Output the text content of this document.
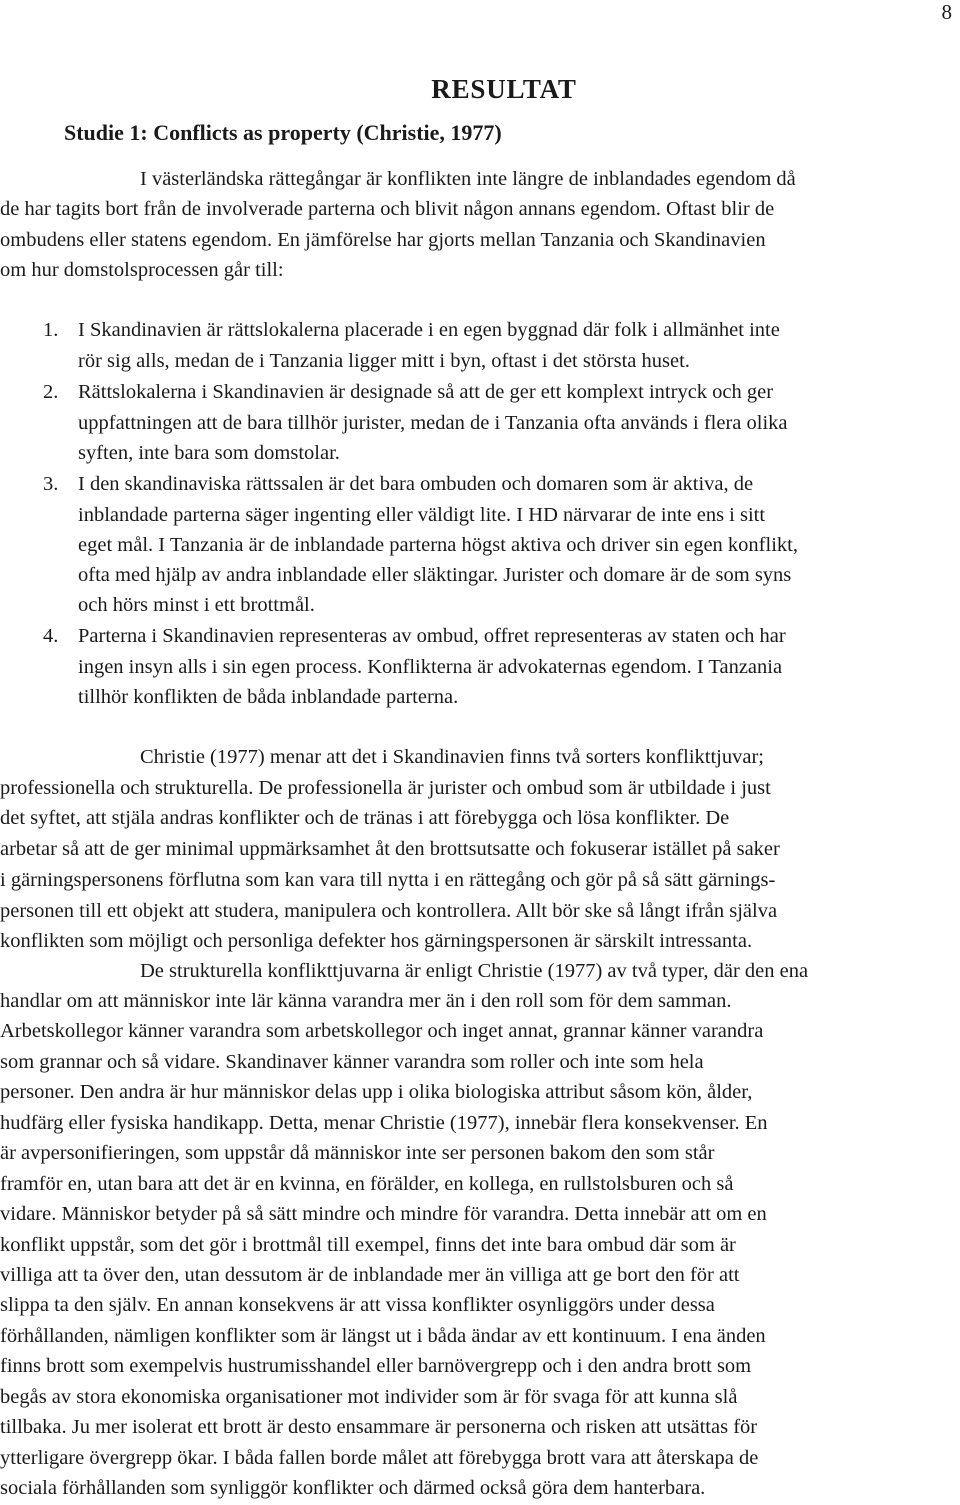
8
RESULTAT
Studie 1: Conflicts as property (Christie, 1977)
I västerländska rättegångar är konflikten inte längre de inblandades egendom då
de har tagits bort från de involverade parterna och blivit någon annans egendom. Oftast blir de
ombudens eller statens egendom. En jämförelse har gjorts mellan Tanzania och Skandinavien
om hur domstolsprocessen går till:
1. I Skandinavien är rättslokalerna placerade i en egen byggnad där folk i allmänhet inte
rör sig alls, medan de i Tanzania ligger mitt i byn, oftast i det största huset.
2. Rättslokalerna i Skandinavien är designade så att de ger ett komplext intryck och ger
uppfattningen att de bara tillhör jurister, medan de i Tanzania ofta används i flera olika
syften, inte bara som domstolar.
3. I den skandinaviska rättssalen är det bara ombuden och domaren som är aktiva, de
inblandade parterna säger ingenting eller väldigt lite. I HD närvarar de inte ens i sitt
eget mål. I Tanzania är de inblandade parterna högst aktiva och driver sin egen konflikt,
ofta med hjälp av andra inblandade eller släktingar. Jurister och domare är de som syns
och hörs minst i ett brottmål.
4. Parterna i Skandinavien representeras av ombud, offret representeras av staten och har
ingen insyn alls i sin egen process. Konflikterna är advokaternas egendom. I Tanzania
tillhör konflikten de båda inblandade parterna.
Christie (1977) menar att det i Skandinavien finns två sorters konflikttjuvar;
professionella och strukturella. De professionella är jurister och ombud som är utbildade i just
det syftet, att stjäla andras konflikter och de tränas i att förebygga och lösa konflikter. De
arbetar så att de ger minimal uppmärksamhet åt den brottsutsatte och fokuserar istället på saker
i gärningspersonens förflutna som kan vara till nytta i en rättegång och gör på så sätt gärnings-
personen till ett objekt att studera, manipulera och kontrollera. Allt bör ske så långt ifrån själva
konflikten som möjligt och personliga defekter hos gärningspersonen är särskilt intressanta.
De strukturella konflikttjuvarna är enligt Christie (1977) av två typer, där den ena
handlar om att människor inte lär känna varandra mer än i den roll som för dem samman.
Arbetskollegor känner varandra som arbetskollegor och inget annat, grannar känner varandra
som grannar och så vidare. Skandinaver känner varandra som roller och inte som hela
personer. Den andra är hur människor delas upp i olika biologiska attribut såsom kön, ålder,
hudfärg eller fysiska handikapp. Detta, menar Christie (1977), innebär flera konsekvenser. En
är avpersonifieringen, som uppstår då människor inte ser personen bakom den som står
framför en, utan bara att det är en kvinna, en förälder, en kollega, en rullstolsburen och så
vidare. Människor betyder på så sätt mindre och mindre för varandra. Detta innebär att om en
konflikt uppstår, som det gör i brottmål till exempel, finns det inte bara ombud där som är
villiga att ta över den, utan dessutom är de inblandade mer än villiga att ge bort den för att
slippa ta den själv. En annan konsekvens är att vissa konflikter osynliggörs under dessa
förhållanden, nämligen konflikter som är längst ut i båda ändar av ett kontinuum. I ena änden
finns brott som exempelvis hustrumisshandel eller barnövergrepp och i den andra brott som
begås av stora ekonomiska organisationer mot individer som är för svaga för att kunna slå
tillbaka. Ju mer isolerat ett brott är desto ensammare är personerna och risken att utsättas för
ytterligare övergrepp ökar. I båda fallen borde målet att förebygga brott vara att återskapa de
sociala förhållanden som synliggör konflikter och därmed också göra dem hanterbara.
